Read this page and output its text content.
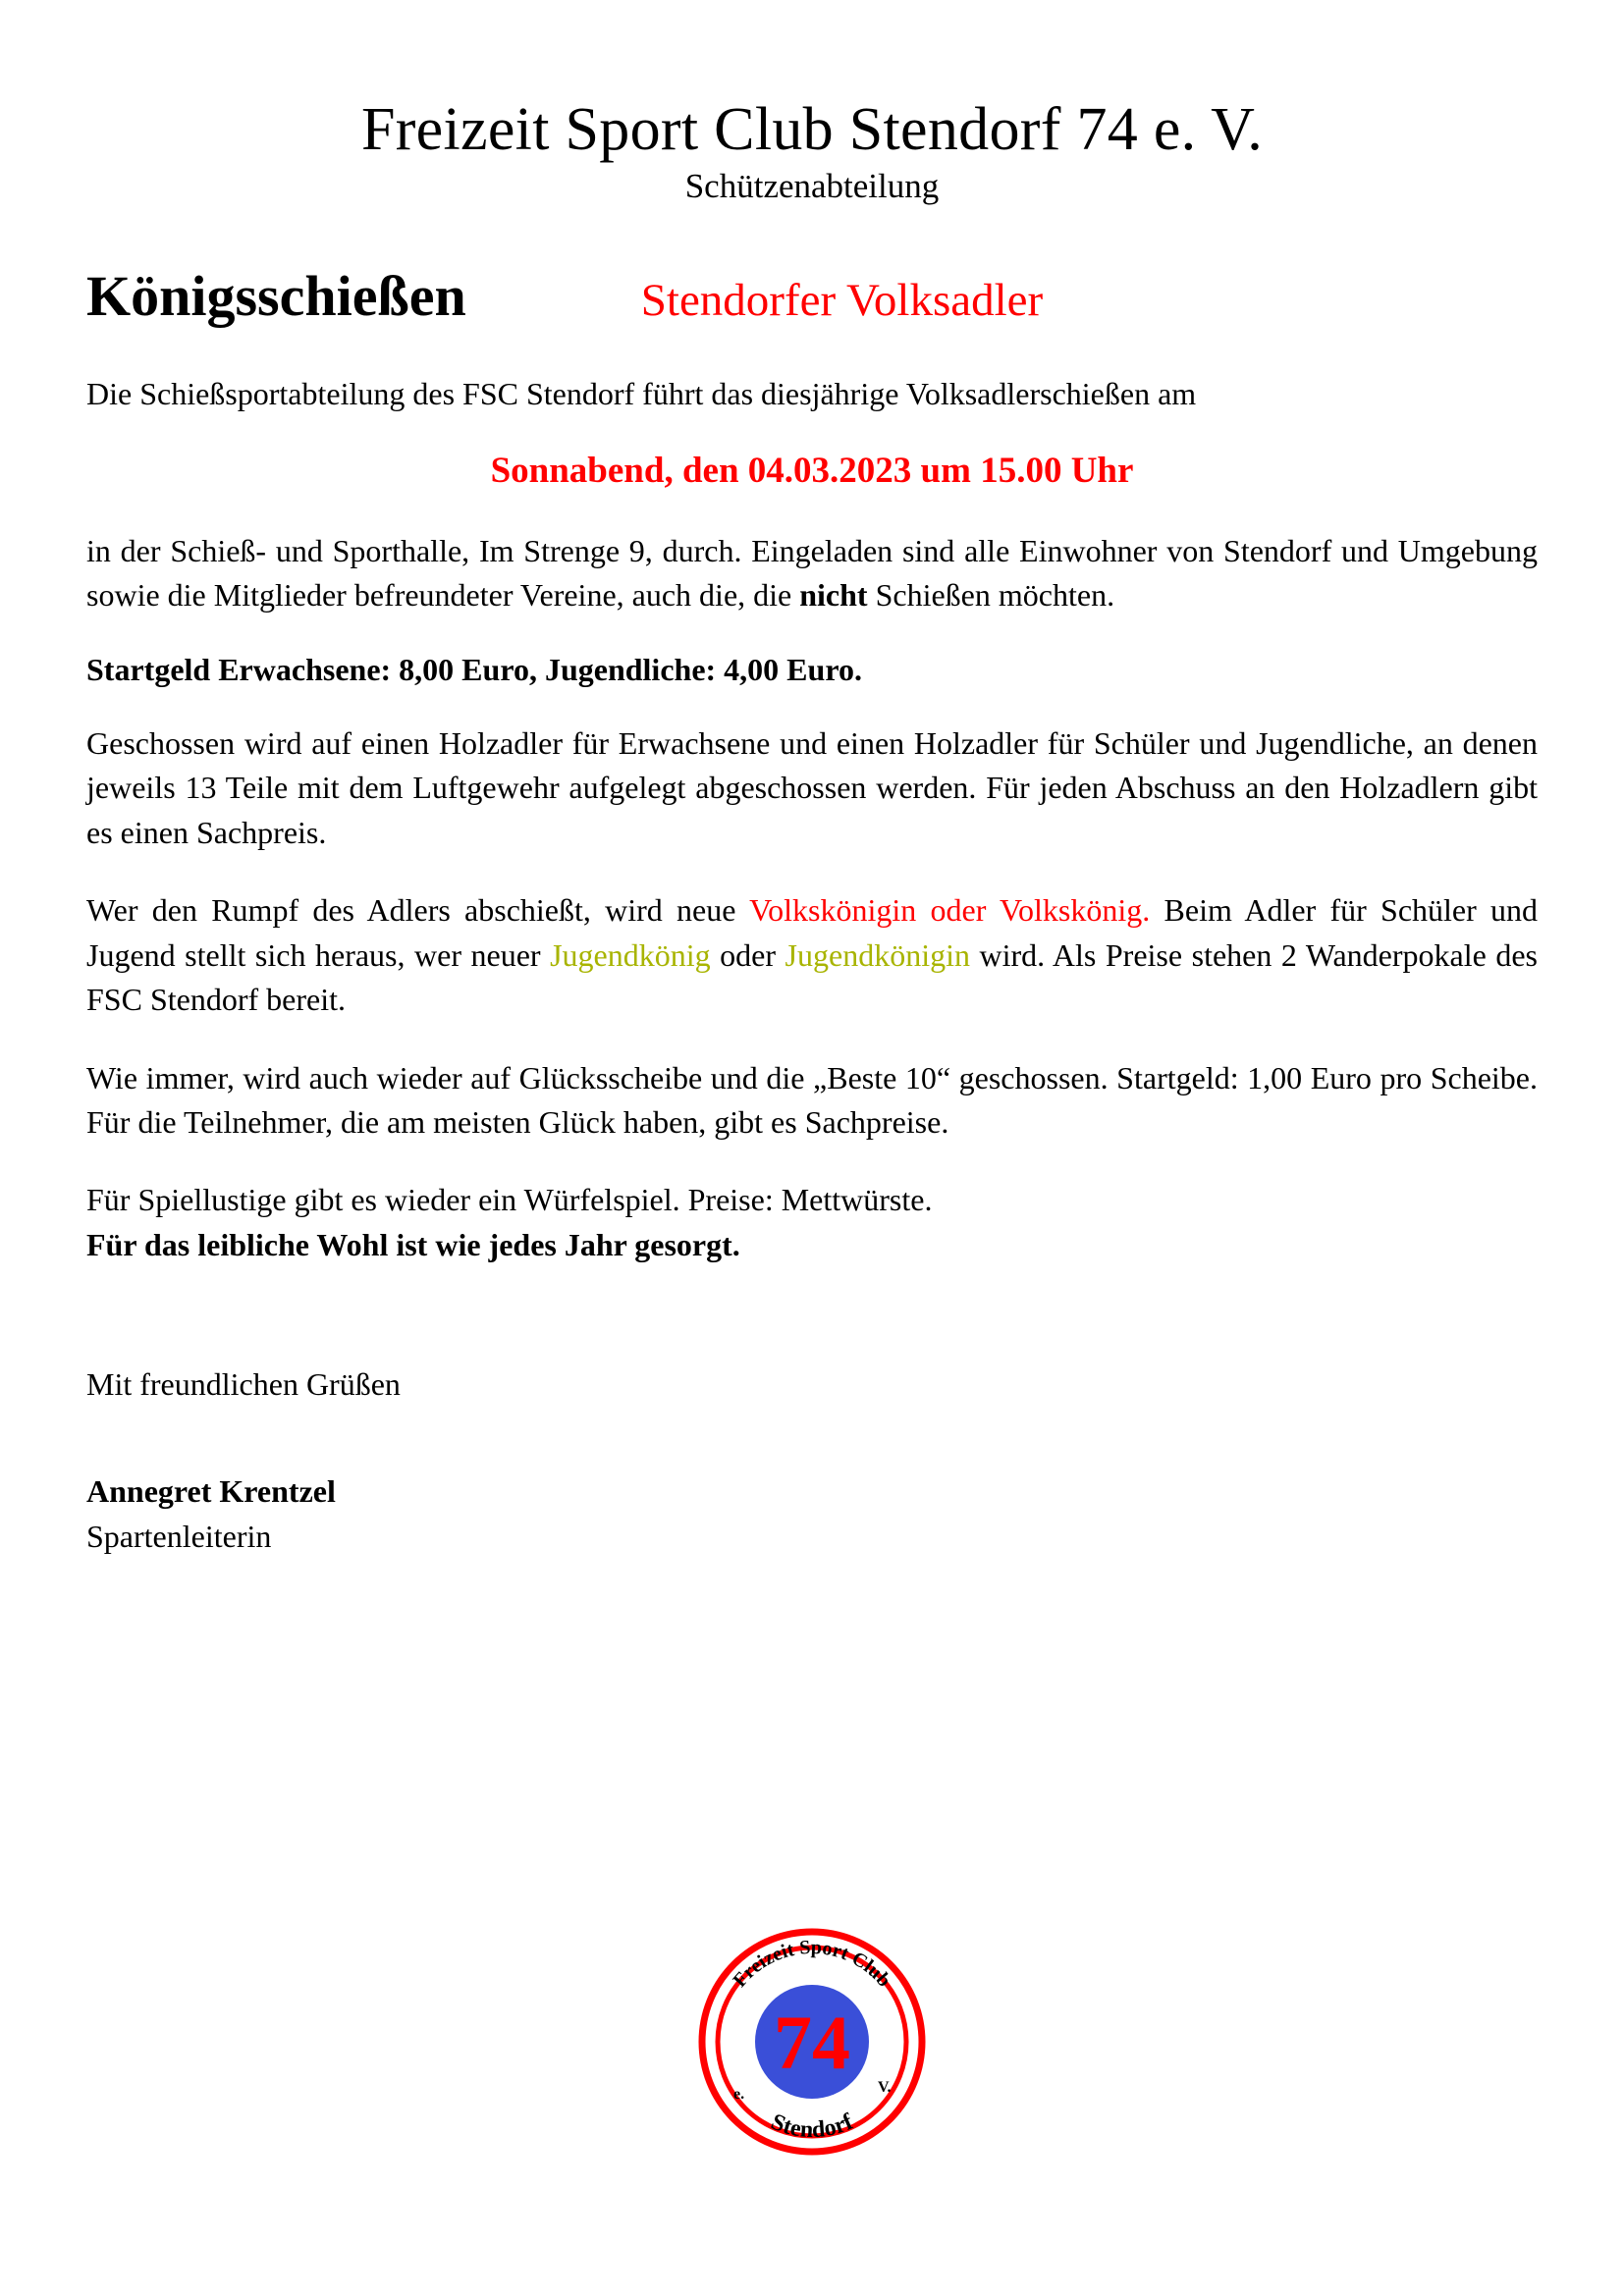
Freizeit Sport Club Stendorf 74 e. V.
Schützenabteilung
Königsschießen	Stendorfer Volksadler

Die Schießsportabteilung des FSC Stendorf führt das diesjährige Volksadlerschießen am

Sonnabend, den 04.03.2023 um 15.00 Uhr

in der Schieß- und Sporthalle, Im Strenge 9, durch. Eingeladen sind alle Einwohner von Stendorf und Umgebung sowie die Mitglieder befreundeter Vereine, auch die, die nicht Schießen möchten.

Startgeld Erwachsene: 8,00 Euro, Jugendliche: 4,00 Euro.

Geschossen wird auf einen Holzadler für Erwachsene und einen Holzadler für Schüler und Jugendliche, an denen jeweils 13 Teile mit dem Luftgewehr aufgelegt abgeschossen werden. Für jeden Abschuss an den Holzadlern gibt es einen Sachpreis.

Wer den Rumpf des Adlers abschießt, wird neue Volkskönigin oder Volkskönig. Beim Adler für Schüler und Jugend stellt sich heraus, wer neuer Jugendkönig oder Jugendkönigin wird. Als Preise stehen 2 Wanderpokale des FSC Stendorf bereit.

Wie immer, wird auch wieder auf Glücksscheibe und die „Beste 10“ geschossen. Startgeld: 1,00 Euro pro Scheibe. Für die Teilnehmer, die am meisten Glück haben, gibt es Sachpreise.

Für Spiellustige gibt es wieder ein Würfelspiel. Preise: Mettwürste.

Für das leibliche Wohl ist wie jedes Jahr gesorgt.

Mit freundlichen Grüßen
Annegret Krentzel
Spartenleiterin
Freizeit Sport Club
Stendorf
e.	V.
74
